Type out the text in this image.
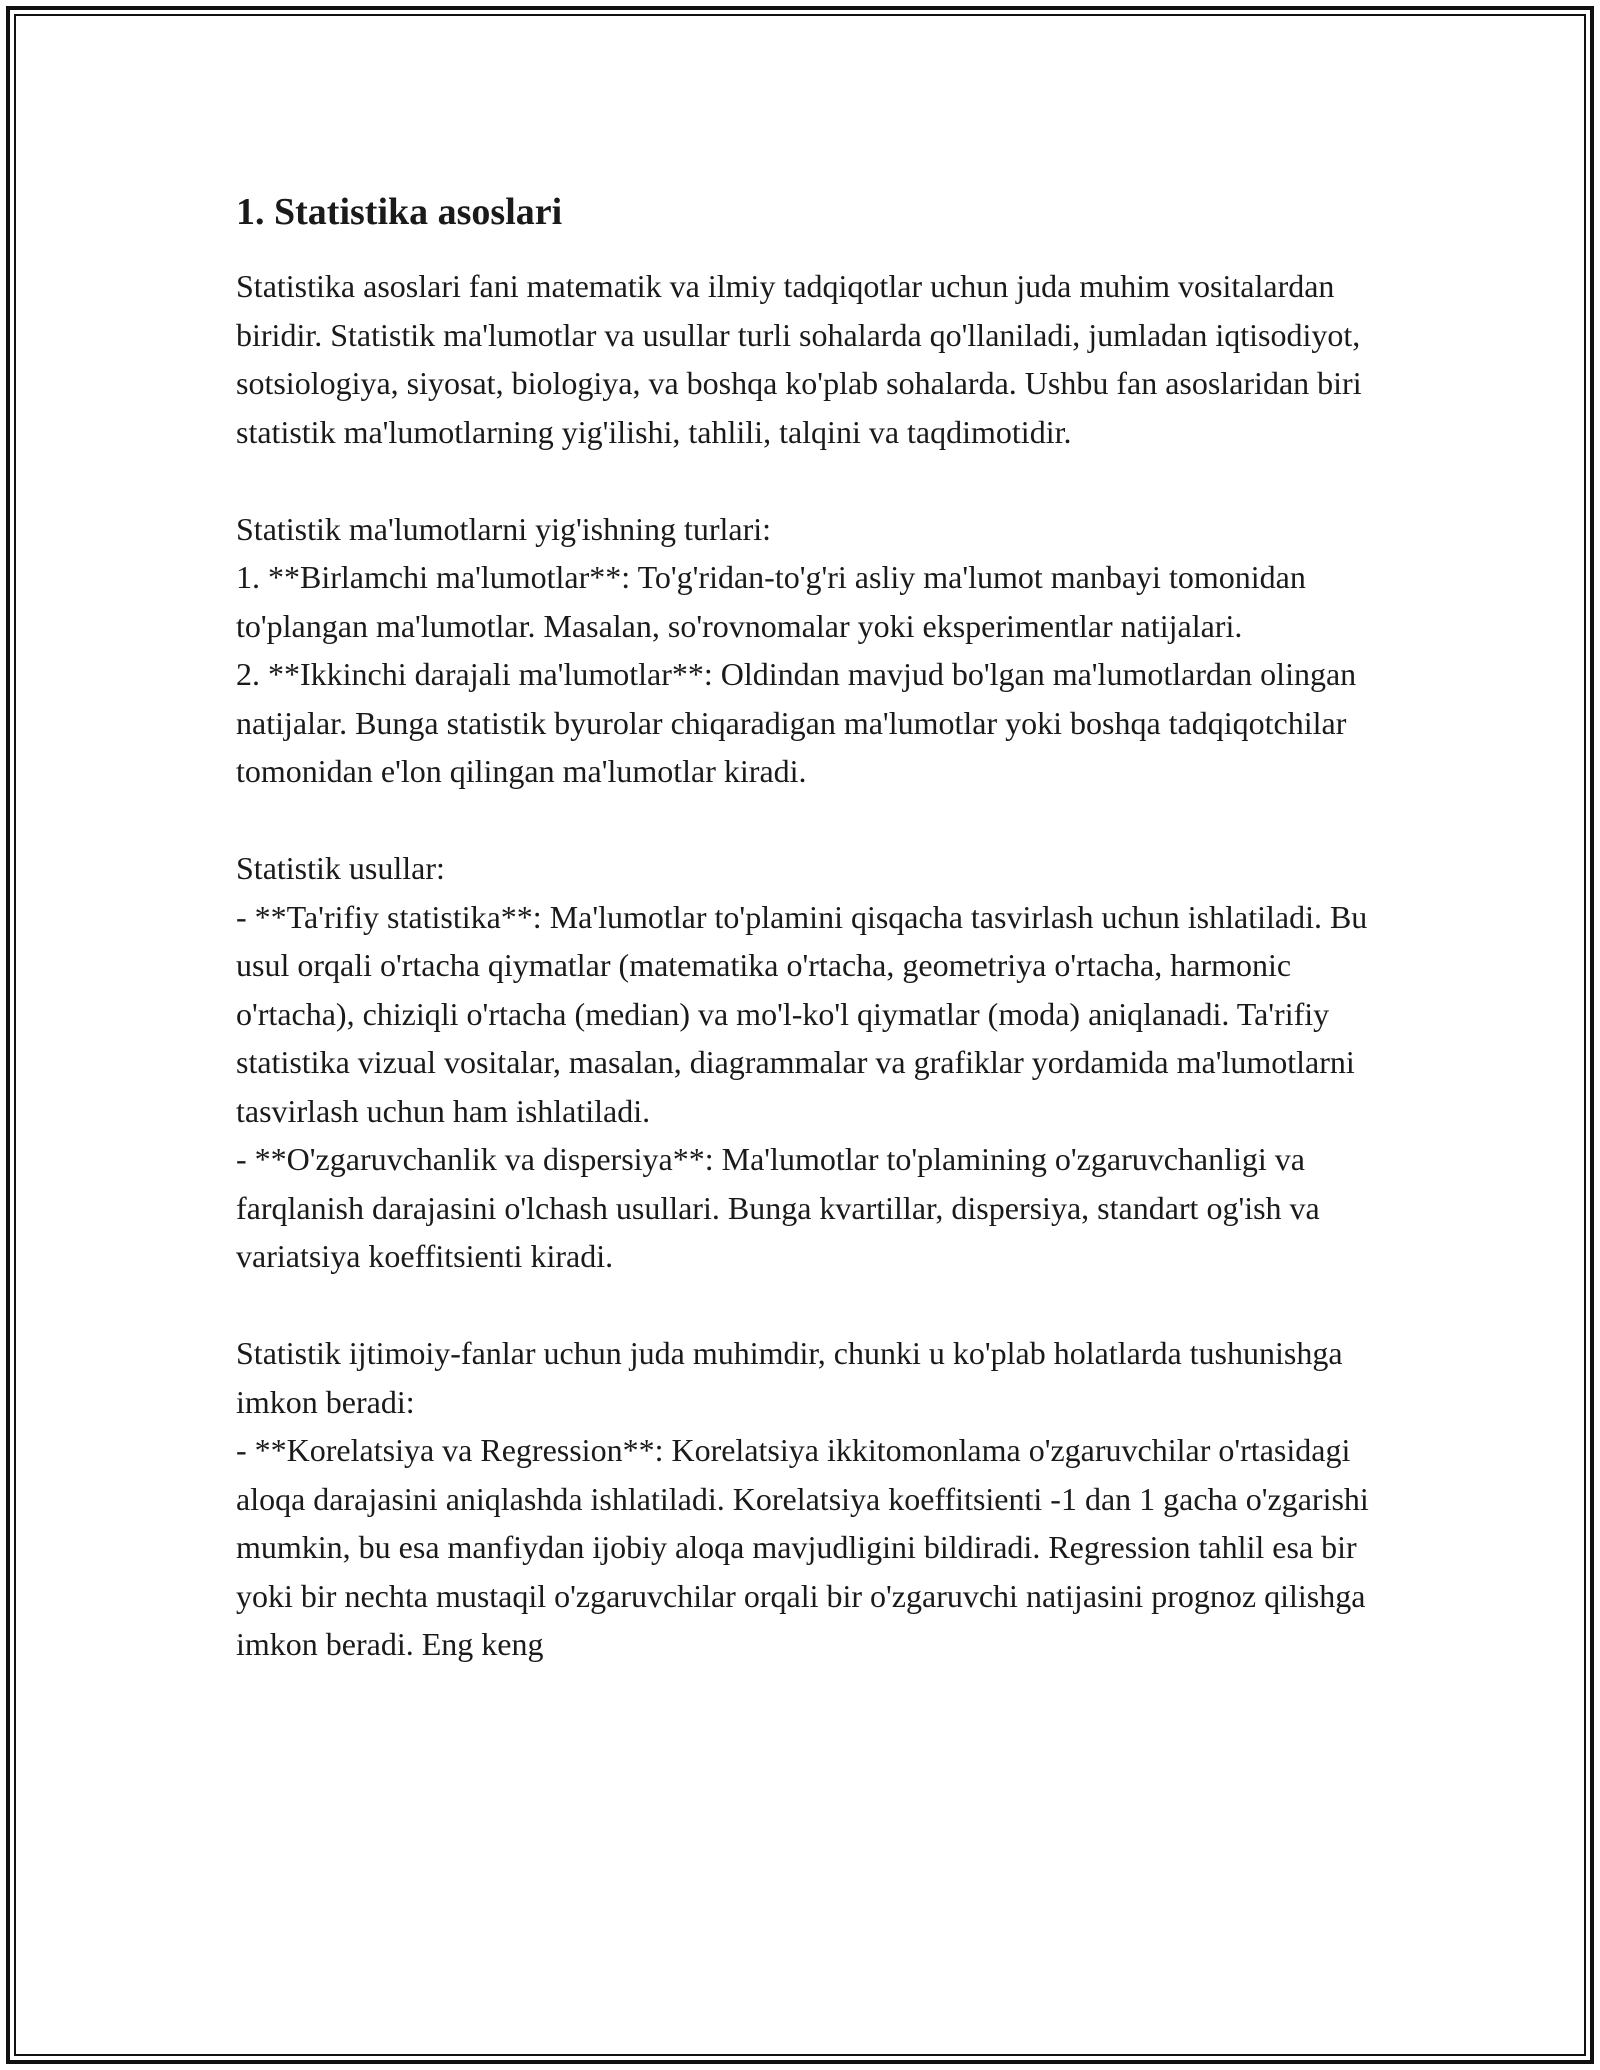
1. Statistika asoslari

Statistika asoslari fani matematik va ilmiy tadqiqotlar uchun juda muhim vositalardan biridir. Statistik ma'lumotlar va usullar turli sohalarda qo'llaniladi, jumladan iqtisodiyot, sotsiologiya, siyosat, biologiya, va boshqa ko'plab sohalarda. Ushbu fan asoslaridan biri statistik ma'lumotlarning yig'ilishi, tahlili, talqini va taqdimotidir.

Statistik ma'lumotlarni yig'ishning turlari:
1. **Birlamchi ma'lumotlar**: To'g'ridan-to'g'ri asliy ma'lumot manbayi tomonidan to'plangan ma'lumotlar. Masalan, so'rovnomalar yoki eksperimentlar natijalari.
2. **Ikkinchi darajali ma'lumotlar**: Oldindan mavjud bo'lgan ma'lumotlardan olingan natijalar. Bunga statistik byurolar chiqaradigan ma'lumotlar yoki boshqa tadqiqotchilar tomonidan e'lon qilingan ma'lumotlar kiradi.

Statistik usullar:
- **Ta'rifiy statistika**: Ma'lumotlar to'plamini qisqacha tasvirlash uchun ishlatiladi. Bu usul orqali o'rtacha qiymatlar (matematika o'rtacha, geometriya o'rtacha, harmonic o'rtacha), chiziqli o'rtacha (median) va mo'l-ko'l qiymatlar (moda) aniqlanadi. Ta'rifiy statistika vizual vositalar, masalan, diagrammalar va grafiklar yordamida ma'lumotlarni tasvirlash uchun ham ishlatiladi.
- **O'zgaruvchanlik va dispersiya**: Ma'lumotlar to'plamining o'zgaruvchanligi va farqlanish darajasini o'lchash usullari. Bunga kvartillar, dispersiya, standart og'ish va variatsiya koeffitsienti kiradi.

Statistik ijtimoiy-fanlar uchun juda muhimdir, chunki u ko'plab holatlarda tushunishga imkon beradi:
- **Korelatsiya va Regression**: Korelatsiya ikkitomonlama o'zgaruvchilar o'rtasidagi aloqa darajasini aniqlashda ishlatiladi. Korelatsiya koeffitsienti -1 dan 1 gacha o'zgarishi mumkin, bu esa manfiydan ijobiy aloqa mavjudligini bildiradi. Regression tahlil esa bir yoki bir nechta mustaqil o'zgaruvchilar orqali bir o'zgaruvchi natijasini prognoz qilishga imkon beradi. Eng keng
